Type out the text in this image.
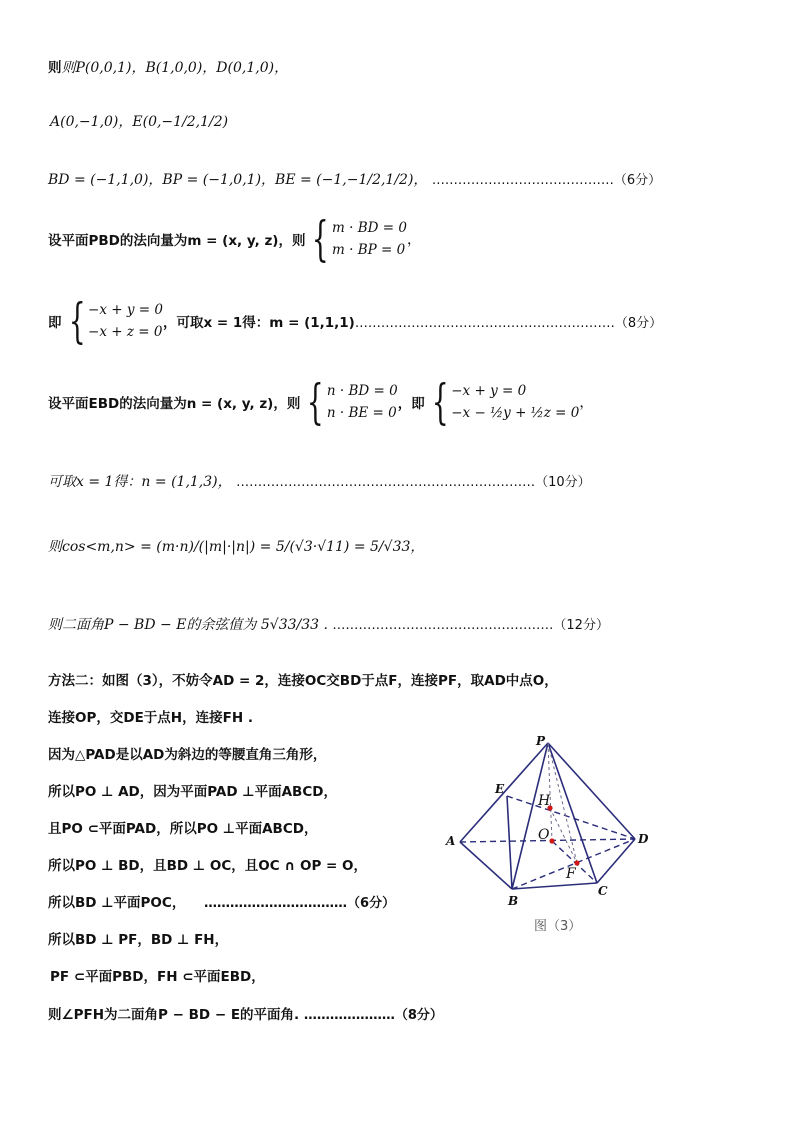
则则P(0,0,1)，B(1,0,0)，D(0,1,0)，
A(0,−1,0)，E(0,−1/2,1/2)
BD = (−1,1,0)，BP = (−1,0,1)，BE = (−1,−1/2,1/2)， ……………………………………（6分）
设平面PBD的法向量为m = (x, y, z)，则 { m · BD = 0
m · BP = 0
，
即 { −x + y = 0
−x + z = 0
，可取x = 1得：m = (1,1,1) ……………………………………………………（8分）
设平面EBD的法向量为n = (x, y, z)，则 { n · BD = 0
n · BE = 0
，即 { −x + y = 0
−x − ½y + ½z = 0
，
可取x = 1得：n = (1,1,3)， ……………………………………………………………（10分）
则cos<m,n> = (m·n)/(|m|·|n|) = 5/(√3·√11) = 5/√33，
则二面角P − BD − E的余弦值为 5√33/33 . ……………………………………………（12分）
方法二：如图（3），不妨令AD = 2，连接OC交BD于点F，连接PF，取AD中点O，
连接OP，交DE于点H，连接FH .
因为△PAD是以AD为斜边的等腰直角三角形，
所以PO ⊥ AD，因为平面PAD ⊥平面ABCD，
且PO ⊂平面PAD，所以PO ⊥平面ABCD，
所以PO ⊥ BD，且BD ⊥ OC，且OC ∩ OP = O，
所以BD ⊥平面POC， ……………………………（6分）
所以BD ⊥ PF，BD ⊥ FH，
PF ⊂平面PBD，FH ⊂平面EBD，
则∠PFH为二面角P − BD − E的平面角. …………………（8分）
P
E
A	D
B
C
H
O
F
图（3）
